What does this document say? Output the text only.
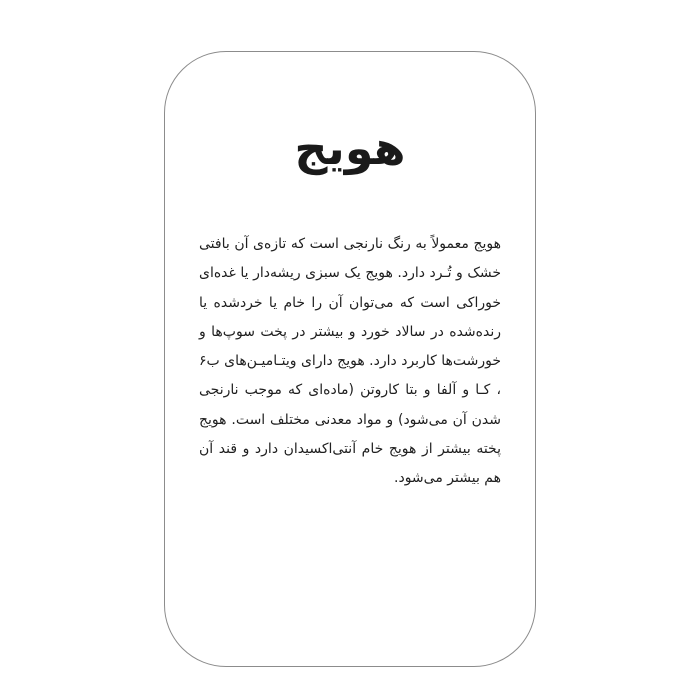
هویج

هویج معمولاً به رنگ نارنجی است که تازه‌ی آن بافتی خشک و تُـرد دارد. هویج یک سبزی ریشه‌دار یا غده‌ای خوراکی است که می‌توان آن را خام یا خردشده یا رنده‌شده در سالاد خورد و بیشتر در پخت سوپ‌ها و خورشت‌ها کاربرد دارد. هویج دارای ویتـامیـن‌های ب۶ ، کـا و آلفا و بتا کاروتن (ماده‌ای که موجب نارنجی شدن آن می‌شود) و مواد معدنی مختلف است. هویج پخته بیشتر از هویج خام آنتی‌اکسیدان دارد و قند آن هم بیشتر می‌شود.
